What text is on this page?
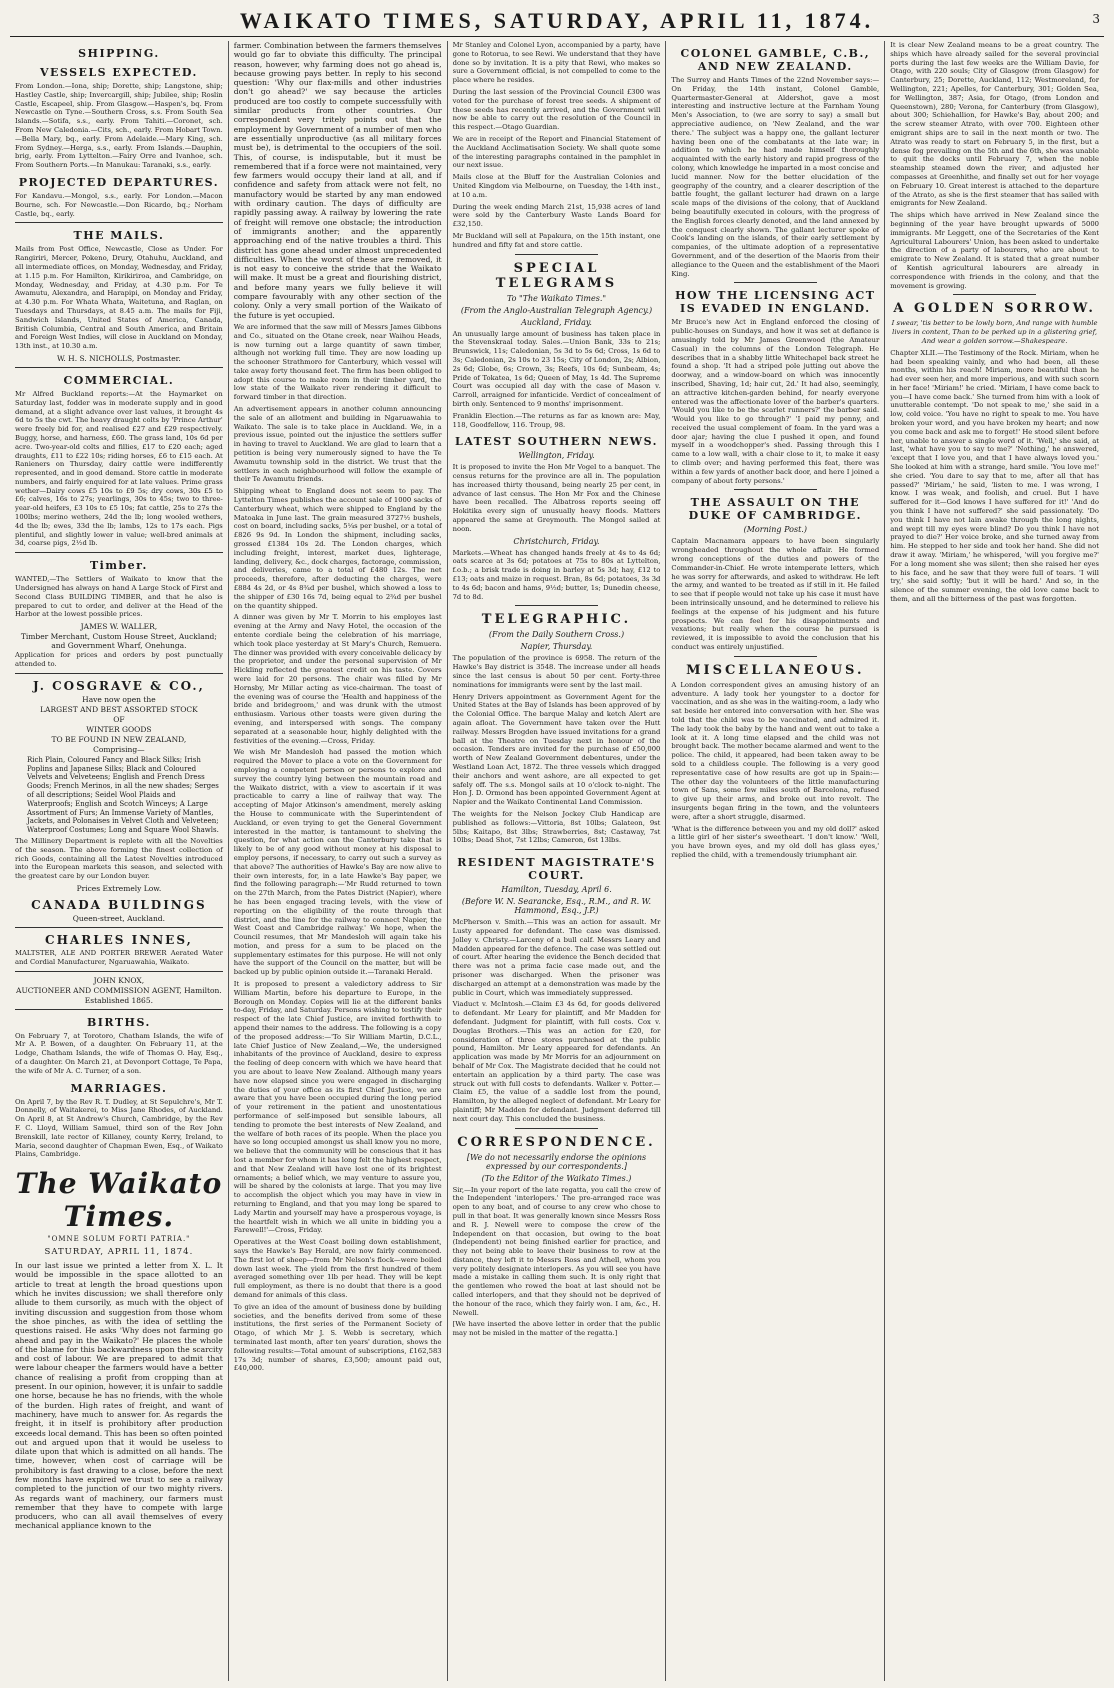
WAIKATO TIMES, SATURDAY, APRIL 11, 1874.	3
SHIPPING.
VESSELS EXPECTED.

From London.—Iona, ship; Dorette, ship; Langstone, ship; Hastley Castle, ship; Invercargill, ship; Jubilee, ship; Roslin Castle, Escapeel, ship. From Glasgow.—Haspen's, bq. From Newcastle on Tyne.—Southern Cross, s.s. From South Sea Islands.—Sotifa, s.s., early. From Tahiti.—Coronet, sch. From New Caledonia.—Cits, sch., early. From Hobart Town.—Bella Mary, bq., early. From Adelaide.—Mary King, sch. From Sydney.—Herga, s.s., early. From Islands.—Dauphin, brig, early. From Lyttelton.—Fairy Orre and Ivanhoe, sch. From Southern Ports.—In Manukau: Taranaki, s.s., early.

PROJECTED DEPARTURES.

For Kandavu.—Mongol, s.s., early. For London.—Macon Bourne, sch. For Newcastle.—Don Ricardo, bq.; Norham Castle, bq., early.

THE MAILS.

Mails from Post Office, Newcastle, Close as Under. For Rangiriri, Mercer, Pokeno, Drury, Otahuhu, Auckland, and all intermediate offices, on Monday, Wednesday, and Friday, at 1.15 p.m. For Hamilton, Kirikiriroa, and Cambridge, on Monday, Wednesday, and Friday, at 4.30 p.m. For Te Awamutu, Alexandra, and Harapipi, on Monday and Friday, at 4.30 p.m. For Whata Whata, Waitetuna, and Raglan, on Tuesdays and Thursdays, at 8.45 a.m. The mails for Fiji, Sandwich Islands, United States of America, Canada, British Columbia, Central and South America, and Britain and Foreign West Indies, will close in Auckland on Monday, 13th inst., at 10.30 a.m.

W. H. S. NICHOLLS, Postmaster.
COMMERCIAL.

Mr Alfred Buckland reports:—At the Haymarket on Saturday last, fodder was in moderate supply and in good demand, at a slight advance over last values, it brought 4s 6d to 5s the cwt. The heavy draught colts by 'Prince Arthur' were freely bid for, and realised £27 and £29 respectively. Buggy, horse, and harness, £60. The grass land, 10s 6d per acre. Two-year-old colts and fillies, £17 to £20 each; aged draughts, £11 to £22 10s; riding horses, £6 to £15 each. At Ranieners on Thursday, dairy cattle were indifferently represented, and in good demand. Store cattle in moderate numbers, and fairly enquired for at late values. Prime grass wether—Dairy cows £5 10s to £9 5s; dry cows, 30s £5 to £6; calves, 16s to 27s; yearlings, 30s to 45s; two to three-year-old heifers, £3 10s to £5 10s; fat cattle, 25s to 27s the 100lbs; merino wethers, 24d the lb; long wooled wethers, 4d the lb; ewes, 33d the lb; lambs, 12s to 17s each. Pigs plentiful, and slightly lower in value; well-bred animals at 3d, coarse pigs, 2½d lb.

Timber.

WANTED,—The Settlers of Waikato to know that the Undersigned has always on hand A Large Stock of First and Second Class BUILDING TIMBER, and that he also is prepared to cut to order, and deliver at the Head of the Harbor at the lowest possible prices.

JAMES W. WALLER,
Timber Merchant, Custom House Street, Auckland; and Government Wharf, Onehunga.

Application for prices and orders by post punctually attended to.

J. COSGRAVE & CO.,
Have now open the
LARGEST AND BEST ASSORTED STOCK
OF
WINTER GOODS
TO BE FOUND IN NEW ZEALAND,
Comprising—

Rich Plain, Coloured Fancy and Black Silks; Irish Poplins and Japanese Silks; Black and Coloured Velvets and Velveteens; English and French Dress Goods; French Merinos, in all the new shades; Serges of all descriptions; Seidel Wool Plaids and Waterproofs; English and Scotch Winceys; A Large Assortment of Furs; An Immense Variety of Mantles, Jackets, and Polonaises in Velvet Cloth and Velveteen; Waterproof Costumes; Long and Square Wool Shawls.

The Millinery Department is replete with all the Novelties of the season. The above forming the finest collection of rich Goods, containing all the Latest Novelties introduced into the European markets this season, and selected with the greatest care by our London buyer.

Prices Extremely Low.
CANADA BUILDINGS
Queen-street, Auckland.
CHARLES INNES,

MALTSTER, ALE AND PORTER BREWER Aerated Water and Cordial Manufacturer, Ngaruawahia, Waikato.

JOHN KNOX,
AUCTIONEER AND COMMISSION AGENT, Hamilton.
Established 1865.
BIRTHS.

On February 7, at Torotoro, Chatham Islands, the wife of Mr A. P. Bowen, of a daughter. On February 11, at the Lodge, Chatham Islands, the wife of Thomas O. Hay, Esq., of a daughter. On March 21, at Devonport Cottage, Te Papa, the wife of Mr A. C. Turner, of a son.

MARRIAGES.

On April 7, by the Rev R. T. Dudley, at St Sepulchre's, Mr T. Donnelly, of Waitakerei, to Miss Jane Rhodes, of Auckland. On April 8, at St Andrew's Church, Cambridge, by the Rev F. C. Lloyd, William Samuel, third son of the Rev John Brenskill, late rector of Killaney, county Kerry, Ireland, to Maria, second daughter of Chapman Ewen, Esq., of Waikato Plains, Cambridge.

The Waikato Times.
"OMNE SOLUM FORTI PATRIA."
SATURDAY, APRIL 11, 1874.

In our last issue we printed a letter from X. L. It would be impossible in the space allotted to an article to treat at length the broad questions upon which he invites discussion; we shall therefore only allude to them cursorily, as much with the object of inviting discussion and suggestion from those whom the shoe pinches, as with the idea of settling the questions raised. He asks 'Why does not farming go ahead and pay in the Waikato?' He places the whole of the blame for this backwardness upon the scarcity and cost of labour. We are prepared to admit that were labour cheaper the farmers would have a better chance of realising a profit from cropping than at present. In our opinion, however, it is unfair to saddle one horse, because he has no friends, with the whole of the burden. High rates of freight, and want of machinery, have much to answer for. As regards the freight, it in itself is prohibitory after production exceeds local demand. This has been so often pointed out and argued upon that it would be useless to dilate upon that which is admitted on all hands. The time, however, when cost of carriage will be prohibitory is fast drawing to a close, before the next few months have expired we trust to see a railway completed to the junction of our two mighty rivers. As regards want of machinery, our farmers must remember that they have to compete with large producers, who can all avail themselves of every mechanical appliance known to the

farmer. Combination between the farmers themselves would go far to obviate this difficulty. The principal reason, however, why farming does not go ahead is, because growing pays better. In reply to his second question: 'Why our flax-mills and other industries don't go ahead?' we say because the articles produced are too costly to compete successfully with similar products from other countries. Our correspondent very tritely points out that the employment by Government of a number of men who are essentially unproductive (as all military forces must be), is detrimental to the occupiers of the soil. This, of course, is indisputable, but it must be remembered that if a force were not maintained, very few farmers would occupy their land at all, and if confidence and safety from attack were not felt, no manufactory would be started by any man endowed with ordinary caution. The days of difficulty are rapidly passing away. A railway by lowering the rate of freight will remove one obstacle; the introduction of immigrants another; and the apparently approaching end of the native troubles a third. This district has gone ahead under almost unprecedented difficulties. When the worst of these are removed, it is not easy to conceive the stride that the Waikato will make. It must be a great and flourishing district, and before many years we fully believe it will compare favourably with any other section of the colony. Only a very small portion of the Waikato of the future is yet occupied.

We are informed that the saw mill of Messrs James Gibbons and Co., situated on the Otane creek, near Waihou Heads, is now turning out a large quantity of sawn timber, although not working full time. They are now loading up the schooner Strathmoro for Canterbury, which vessel will take away forty thousand feet. The firm has been obliged to adopt this course to make room in their timber yard, the low state of the Waikato river rendering it difficult to forward timber in that direction.

An advertisement appears in another column announcing the sale of an allotment and building in Ngaruawahia to Waikato. The sale is to take place in Auckland. We, in a previous issue, pointed out the injustice the settlers suffer in having to travel to Auckland. We are glad to learn that a petition is being very numerously signed to have the Te Awamutu township sold in the district. We trust that the settlers in each neighbourhood will follow the example of their Te Awamutu friends.

Shipping wheat to England does not seem to pay. The Lyttelton Times publishes the account sale of 1000 sacks of Canterbury wheat, which were shipped to England by the Matoaka in June last. The grain measured 3727½ bushels, cost on board, including sacks, 5¼s per bushel, or a total of £826 9s 9d. In London the shipment, including sacks, grossed £1384 10s 2d. The London charges, which including freight, interest, market dues, lighterage, landing, delivery, &c., dock charges, factorage, commission, and deliveries, came to a total of £480 12s. The net proceeds, therefore, after deducting the charges, were £884 4s 2d, or 4s 8¾d per bushel, which showed a loss to the shipper of £30 16s 7d, being equal to 2¾d per bushel on the quantity shipped.

A dinner was given by Mr T. Morrin to his employes last evening at the Army and Navy Hotel, the occasion of the entente cordiale being the celebration of his marriage, which took place yesterday at St Mary's Church, Remuera. The dinner was provided with every conceivable delicacy by the proprietor, and under the personal supervision of Mr Hickling reflected the greatest credit on his taste. Covers were laid for 20 persons. The chair was filled by Mr Hornsby, Mr Millar acting as vice-chairman. The toast of the evening was of course the 'Health and happiness of the bride and bridegroom,' and was drunk with the utmost enthusiasm. Various other toasts were given during the evening, and interspersed with songs. The company separated at a seasonable hour, highly delighted with the festivities of the evening.—Cross, Friday.

We wish Mr Mandesloh had passed the motion which required the Mover to place a vote on the Government for employing a competent person or persons to explore and survey the country lying between the mountain road and the Waikato district, with a view to ascertain if it was practicable to carry a line of railway that way. The accepting of Major Atkinson's amendment, merely asking the House to communicate with the Superintendent of Auckland, or even trying to get the General Government interested in the matter, is tantamount to shelving the question, for what action can the Canterbury take that is likely to be of any good without money at his disposal to employ persons, if necessary, to carry out such a survey as that above? The authorities of Hawke's Bay are now alive to their own interests, for, in a late Hawke's Bay paper, we find the following paragraph:—'Mr Rudd returned to town on the 27th March, from the Pates District (Napier), where he has been engaged tracing levels, with the view of reporting on the eligibility of the route through that district, and the line for the railway to connect Napier, the West Coast and Cambridge railway.' We hope, when the Council resumes, that Mr Mandesloh will again take his motion, and press for a sum to be placed on the supplementary estimates for this purpose. He will not only have the support of the Council on the matter, but will be backed up by public opinion outside it.—Taranaki Herald.

It is proposed to present a valedictory address to Sir William Martin, before his departure to Europe, in the Borough on Monday. Copies will lie at the different banks to-day, Friday, and Saturday. Persons wishing to testify their respect of the late Chief Justice, are invited forthwith to append their names to the address. The following is a copy of the proposed address:—'To Sir William Martin, D.C.L., late Chief Justice of New Zealand,—We, the undersigned inhabitants of the province of Auckland, desire to express the feeling of deep concern with which we have heard that you are about to leave New Zealand. Although many years have now elapsed since you were engaged in discharging the duties of your office as its first Chief Justice, we are aware that you have been occupied during the long period of your retirement in the patient and unostentatious performance of self-imposed but sensible labours, all tending to promote the best interests of New Zealand, and the welfare of both races of its people. When the place you have so long occupied amongst us shall know you no more, we believe that the community will be conscious that it has lost a member for whom it has long felt the highest respect, and that New Zealand will have lost one of its brightest ornaments; a belief which, we may venture to assure you, will be shared by the colonists at large. That you may live to accomplish the object which you may have in view in returning to England, and that you may long be spared to Lady Martin and yourself may have a prosperous voyage, is the heartfelt wish in which we all unite in bidding you a Farewell!'—Cross, Friday.

Operatives at the West Coast boiling down establishment, says the Hawke's Bay Herald, are now fairly commenced. The first lot of sheep—from Mr Nelson's flock—were boiled down last week. The yield from the first hundred of them averaged something over 1lb per head. They will be kept full employment, as there is no doubt that there is a good demand for animals of this class.

To give an idea of the amount of business done by building societies, and the benefits derived from some of these institutions, the first series of the Permanent Society of Otago, of which Mr J. S. Webb is secretary, which terminated last month, after ten years' duration, shows the following results:—Total amount of subscriptions, £162,583 17s 3d; number of shares, £3,500; amount paid out, £40,000.

Mr Stanley and Colonel Lyon, accompanied by a party, have gone to Rotorua, to see Rewi. We understand that they have done so by invitation. It is a pity that Rewi, who makes so sure a Government official, is not compelled to come to the place where he resides.

During the last session of the Provincial Council £300 was voted for the purchase of forest tree seeds. A shipment of these seeds has recently arrived, and the Government will now be able to carry out the resolution of the Council in this respect.—Otago Guardian.

We are in receipt of the Report and Financial Statement of the Auckland Acclimatisation Society. We shall quote some of the interesting paragraphs contained in the pamphlet in our next issue.

Mails close at the Bluff for the Australian Colonies and United Kingdom via Melbourne, on Tuesday, the 14th inst., at 10 a.m.

During the week ending March 21st, 15,938 acres of land were sold by the Canterbury Waste Lands Board for £32,150.

Mr Buckland will sell at Papakura, on the 15th instant, one hundred and fifty fat and store cattle.

SPECIAL TELEGRAMS
To "The Waikato Times."
(From the Anglo-Australian Telegraph Agency.)
Auckland, Friday.

An unusually large amount of business has taken place in the Stevenskraal today. Sales.—Union Bank, 33s to 21s; Brunswick, 11s; Caledonian, 5s 3d to 5s 6d; Cross, 1s 6d to 3s; Caledonian, 2s 10s to 23 15s; City of London, 2s; Albion, 2s 6d; Globe, 6s; Crown, 3s; Reefs, 10s 6d; Sunbeam, 4s; Pride of Tokatea, 1s 6d; Queen of May, 1s 4d. The Supreme Court was occupied all day with the case of Mason v. Carroll, arraigned for infanticide. Verdict of concealment of birth only. Sentenced to 9 months' imprisonment.

Franklin Election.—The returns as far as known are: May, 118, Goodfellow, 116. Troup, 98.

LATEST SOUTHERN NEWS.
Wellington, Friday.

It is proposed to invite the Hon Mr Vogel to a banquet. The census returns for the province are all in. The population has increased thirty thousand, being nearly 25 per cent, in advance of last census. The Hon Mr Fox and the Chinese have been recalled. The Albatross reports seeing off Hokitika every sign of unusually heavy floods. Matters appeared the same at Greymouth. The Mongol sailed at noon.

Christchurch, Friday.

Markets.—Wheat has changed hands freely at 4s to 4s 6d; oats scarce at 3s 6d; potatoes at 75s to 80s at Lyttelton, f.o.b.; a brisk trade is doing in barley at 5s 3d; hay, £12 to £13; oats and maize in request. Bran, 8s 6d; potatoes, 3s 3d to 4s 6d; bacon and hams, 9½d; butter, 1s; Dunedin cheese, 7d to 8d.

TELEGRAPHIC.
(From the Daily Southern Cross.)
Napier, Thursday.

The population of the province is 6958. The return of the Hawke's Bay district is 3548. The increase under all heads since the last census is about 50 per cent. Forty-three nominations for immigrants were sent by the last mail.

Henry Drivers appointment as Government Agent for the United States at the Bay of Islands has been approved of by the Colonial Office. The barque Malay and ketch Alert are again afloat. The Government have taken over the Hutt railway. Messrs Brogden have issued invitations for a grand ball at the Theatre on Tuesday next in honour of the occasion. Tenders are invited for the purchase of £50,000 worth of New Zealand Government debentures, under the Westland Loan Act, 1872. The three vessels which dragged their anchors and went ashore, are all expected to get safely off. The s.s. Mongol sails at 10 o'clock to-night. The Hon J. D. Ormond has been appointed Government Agent at Napier and the Waikato Continental Land Commission.

The weights for the Nelson Jockey Club Handicap are published as follows:—Vittoria, 8st 10lbs; Galateon, 9st 5lbs; Kaitapo, 8st 3lbs; Strawberries, 8st; Castaway, 7st 10lbs; Dead Shot, 7st 12lbs; Cameron, 6st 13lbs.

RESIDENT MAGISTRATE'S COURT.
Hamilton, Tuesday, April 6.
(Before W. N. Searancke, Esq., R.M., and R. W. Hammond, Esq., J.P.)

McPherson v. Smith.—This was an action for assault. Mr Lusty appeared for defendant. The case was dismissed. Jolley v. Christy.—Larceny of a bull calf. Messrs Leary and Madden appeared for the defence. The case was settled out of court. After hearing the evidence the Bench decided that there was not a prima facie case made out, and the prisoner was discharged. When the prisoner was discharged an attempt at a demonstration was made by the public in Court, which was immediately suppressed.

Viaduct v. McIntosh.—Claim £3 4s 6d, for goods delivered to defendant. Mr Leary for plaintiff, and Mr Madden for defendant. Judgment for plaintiff, with full costs. Cox v. Douglas Brothers.—This was an action for £20, for consideration of three stores purchased at the public pound, Hamilton. Mr Leary appeared for defendants. An application was made by Mr Morris for an adjournment on behalf of Mr Cox. The Magistrate decided that he could not entertain an application by a third party. The case was struck out with full costs to defendants. Walker v. Potter.—Claim £5, the value of a saddle lost from the pound, Hamilton, by the alleged neglect of defendant. Mr Leary for plaintiff; Mr Madden for defendant. Judgment deferred till next court day. This concluded the business.

CORRESPONDENCE.
[We do not necessarily endorse the opinions expressed by our correspondents.]
(To the Editor of the Waikato Times.)

Sir,—In your report of the late regatta, you call the crew of the Independent 'interlopers.' The pre-arranged race was open to any boat, and of course to any crew who chose to pull in that boat. It was generally known since Messrs Ross and R. J. Newell were to compose the crew of the Independent on that occasion, but owing to the boat (Independent) not being finished earlier for practice, and they not being able to leave their business to row at the distance, they left it to Messrs Ross and Athell, whom you very politely designate interlopers. As you will see you have made a mistake in calling them such. It is only right that the gentlemen who rowed the boat at last should not be called interlopers, and that they should not be deprived of the honour of the race, which they fairly won. I am, &c., H. Newell.

[We have inserted the above letter in order that the public may not be misled in the matter of the regatta.]

COLONEL GAMBLE, C.B., AND NEW ZEALAND.

The Surrey and Hants Times of the 22nd November says:—On Friday, the 14th instant, Colonel Gamble, Quartermaster-General at Aldershot, gave a most interesting and instructive lecture at the Farnham Young Men's Association, to (we are sorry to say) a small but appreciative audience, on 'New Zealand, and the war there.' The subject was a happy one, the gallant lecturer having been one of the combatants at the late war; in addition to which he had made himself thoroughly acquainted with the early history and rapid progress of the colony, which knowledge he imparted in a most concise and lucid manner. Now for the better elucidation of the geography of the country, and a clearer description of the battle fought, the gallant lecturer had drawn on a large scale maps of the divisions of the colony, that of Auckland being beautifully executed in colours, with the progress of the English forces clearly denoted, and the land annexed by the conquest clearly shown. The gallant lecturer spoke of Cook's landing on the islands, of their early settlement by companies, of the ultimate adoption of a representative Government, and of the desertion of the Maoris from their allegiance to the Queen and the establishment of the Maori King.

HOW THE LICENSING ACT IS EVADED IN ENGLAND.

Mr Bruce's new Act in England enforced the closing of public-houses on Sundays, and how it was set at defiance is amusingly told by Mr James Greenwood (the Amateur Casual) in the columns of the London Telegraph. He describes that in a shabby little Whitechapel back street he found a shop. 'It had a striped pole jutting out above the doorway, and a window-board on which was innocently inscribed, Shaving, 1d; hair cut, 2d.' It had also, seemingly, an attractive kitchen-garden behind, for nearly everyone entered was the affectionate lover of the barber's quarters. 'Would you like to be the scarlet runners?' the barber said. 'Would you like to go through?' 'I paid my penny, and received the usual complement of foam. In the yard was a door ajar; having the clue I pushed it open, and found myself in a woodchopper's shed. Passing through this I came to a low wall, with a chair close to it, to make it easy to climb over; and having performed this feat, there was within a few yards of another back door, and here I joined a company of about forty persons.'

THE ASSAULT ON THE DUKE OF CAMBRIDGE.
(Morning Post.)

Captain Macnamara appears to have been singularly wrongheaded throughout the whole affair. He formed wrong conceptions of the duties and powers of the Commander-in-Chief. He wrote intemperate letters, which he was sorry for afterwards, and asked to withdraw. He left the army, and wanted to be treated as if still in it. He failed to see that if people would not take up his case it must have been intrinsically unsound, and he determined to relieve his feelings at the expense of his judgment and his future prospects. We can feel for his disappointments and vexations; but really when the course he pursued is reviewed, it is impossible to avoid the conclusion that his conduct was entirely unjustified.

MISCELLANEOUS.

A London correspondent gives an amusing history of an adventure. A lady took her youngster to a doctor for vaccination, and as she was in the waiting-room, a lady who sat beside her entered into conversation with her. She was told that the child was to be vaccinated, and admired it. The lady took the baby by the hand and went out to take a look at it. A long time elapsed and the child was not brought back. The mother became alarmed and went to the police. The child, it appeared, had been taken away to be sold to a childless couple. The following is a very good representative case of how results are got up in Spain:—The other day the volunteers of the little manufacturing town of Sans, some few miles south of Barcelona, refused to give up their arms, and broke out into revolt. The insurgents began firing in the town, and the volunteers were, after a short struggle, disarmed.

'What is the difference between you and my old doll?' asked a little girl of her sister's sweetheart. 'I don't know.' 'Well, you have brown eyes, and my old doll has glass eyes,' replied the child, with a tremendously triumphant air.

It is clear New Zealand means to be a great country. The ships which have already sailed for the several provincial ports during the last few weeks are the William Davie, for Otago, with 220 souls; City of Glasgow (from Glasgow) for Canterbury, 25; Dorette, Auckland, 112; Westmoreland, for Wellington, 221; Apelles, for Canterbury, 301; Golden Sea, for Wellington, 387; Asia, for Otago, (from London and Queenstown), 280; Verona, for Canterbury (from Glasgow), about 300; Schiehallion, for Hawke's Bay, about 200; and the screw steamer Atrato, with over 700. Eighteen other emigrant ships are to sail in the next month or two. The Atrato was ready to start on February 5, in the first, but a dense fog prevailing on the 5th and the 6th, she was unable to quit the docks until February 7, when the noble steamship steamed down the river, and adjusted her compasses at Greenhithe, and finally set out for her voyage on February 10. Great interest is attached to the departure of the Atrato, as she is the first steamer that has sailed with emigrants for New Zealand.

The ships which have arrived in New Zealand since the beginning of the year have brought upwards of 5000 immigrants. Mr Leggett, one of the Secretaries of the Kent Agricultural Labourers' Union, has been asked to undertake the direction of a party of labourers, who are about to emigrate to New Zealand. It is stated that a great number of Kentish agricultural labourers are already in correspondence with friends in the colony, and that the movement is growing.

A GOLDEN SORROW.

I swear, 'tis better to be lowly born, And range with humble livers in content, Than to be perked up in a glistering grief, And wear a golden sorrow.—Shakespeare.

Chapter XLII.—The Testimony of the Rock. Miriam, when he had been speaking vainly, and who had been, all these months, within his reach! Miriam, more beautiful than he had ever seen her, and more imperious, and with such scorn in her face! 'Miriam!' he cried. 'Miriam, I have come back to you—I have come back.' She turned from him with a look of unutterable contempt. 'Do not speak to me,' she said in a low, cold voice. 'You have no right to speak to me. You have broken your word, and you have broken my heart; and now you come back and ask me to forget!' He stood silent before her, unable to answer a single word of it. 'Well,' she said, at last, 'what have you to say to me?' 'Nothing,' he answered, 'except that I love you, and that I have always loved you.' She looked at him with a strange, hard smile. 'You love me!' she cried. 'You dare to say that to me, after all that has passed?' 'Miriam,' he said, 'listen to me. I was wrong, I know. I was weak, and foolish, and cruel. But I have suffered for it—God knows I have suffered for it!' 'And do you think I have not suffered?' she said passionately. 'Do you think I have not lain awake through the long nights, and wept till my eyes were blind? Do you think I have not prayed to die?' Her voice broke, and she turned away from him. He stepped to her side and took her hand. She did not draw it away. 'Miriam,' he whispered, 'will you forgive me?' For a long moment she was silent; then she raised her eyes to his face, and he saw that they were full of tears. 'I will try,' she said softly; 'but it will be hard.' And so, in the silence of the summer evening, the old love came back to them, and all the bitterness of the past was forgotten.
